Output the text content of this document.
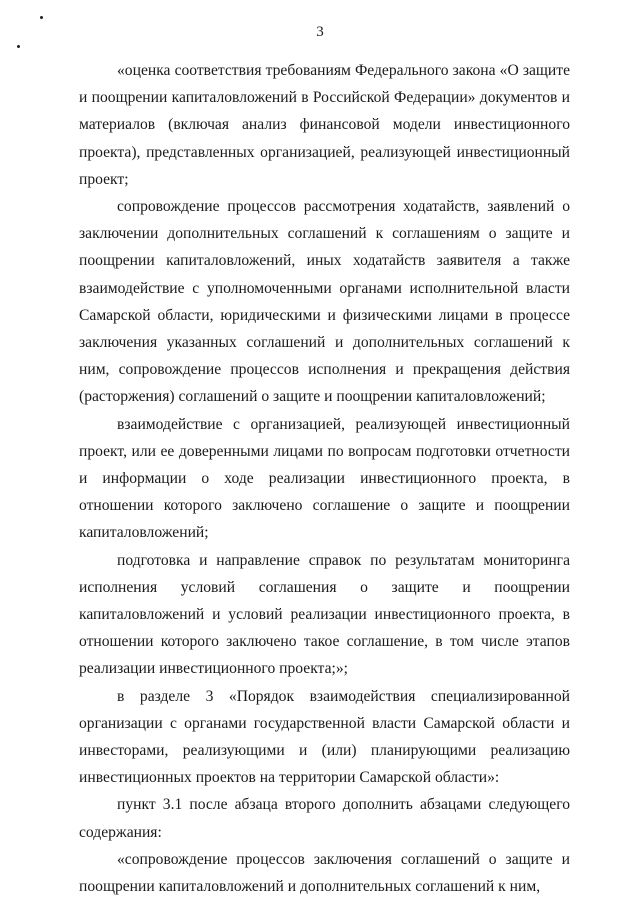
3

«оценка соответствия требованиям Федерального закона «О защите и поощрении капиталовложений в Российской Федерации» документов и материалов (включая анализ финансовой модели инвестиционного проекта), представленных организацией, реализующей инвестиционный проект;

сопровождение процессов рассмотрения ходатайств, заявлений о заключении дополнительных соглашений к соглашениям о защите и поощрении капиталовложений, иных ходатайств заявителя а также взаимодействие с уполномоченными органами исполнительной власти Самарской области, юридическими и физическими лицами в процессе заключения указанных соглашений и дополнительных соглашений к ним, сопровождение процессов исполнения и прекращения действия (расторжения) соглашений о защите и поощрении капиталовложений;

взаимодействие с организацией, реализующей инвестиционный проект, или ее доверенными лицами по вопросам подготовки отчетности и информации о ходе реализации инвестиционного проекта, в отношении которого заключено соглашение о защите и поощрении капиталовложений;

подготовка и направление справок по результатам мониторинга исполнения условий соглашения о защите и поощрении капиталовложений и условий реализации инвестиционного проекта, в отношении которого заключено такое соглашение, в том числе этапов реализации инвестиционного проекта;»;

в разделе 3 «Порядок взаимодействия специализированной организации с органами государственной власти Самарской области и инвесторами, реализующими и (или) планирующими реализацию инвестиционных проектов на территории Самарской области»:

пункт 3.1 после абзаца второго дополнить абзацами следующего содержания:

«сопровождение процессов заключения соглашений о защите и поощрении капиталовложений и дополнительных соглашений к ним,
